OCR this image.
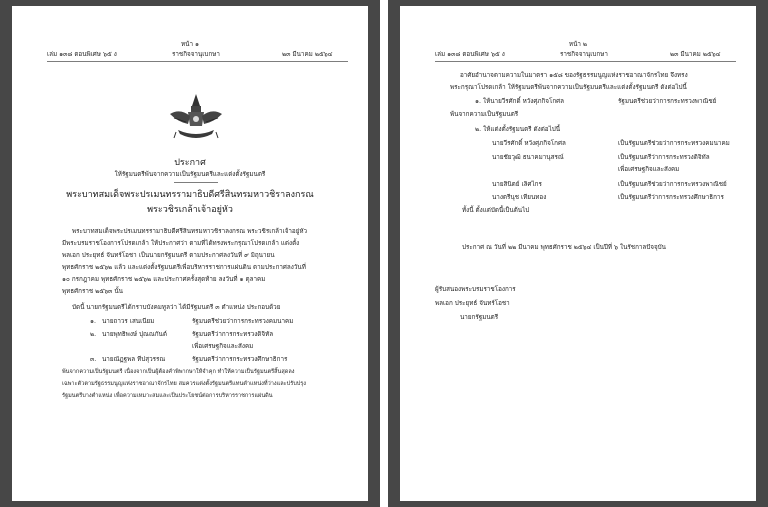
หน้า ๑
เล่ม ๑๓๘ ตอนพิเศษ ๖๕ ง	ราชกิจจานุเบกษา	๒๓ มีนาคม ๒๕๖๔
ประกาศ
ให้รัฐมนตรีพ้นจากความเป็นรัฐมนตรีและแต่งตั้งรัฐมนตรี
พระบาทสมเด็จพระปรเมนทรรามาธิบดีศรีสินทรมหาวชิราลงกรณ
พระวชิรเกล้าเจ้าอยู่หัว
พระบาทสมเด็จพระปรเมนทรรามาธิบดีศรีสินทรมหาวชิราลงกรณ พระวชิรเกล้าเจ้าอยู่หัว
มีพระบรมราชโองการโปรดเกล้า ให้ประกาศว่า ตามที่ได้ทรงพระกรุณาโปรดเกล้า แต่งตั้ง
พลเอก ประยุทธ์ จันทร์โอชา เป็นนายกรัฐมนตรี ตามประกาศลงวันที่ ๙ มิถุนายน
พุทธศักราช ๒๕๖๒ แล้ว และแต่งตั้งรัฐมนตรีเพื่อบริหารราชการแผ่นดิน ตามประกาศลงวันที่
๑๐ กรกฎาคม พุทธศักราช ๒๕๖๒ และประกาศครั้งสุดท้าย ลงวันที่ ๑ ตุลาคม
พุทธศักราช ๒๕๖๓ นั้น
บัดนี้ นายกรัฐมนตรีได้กราบบังคมทูลว่า ได้มีรัฐมนตรี ๓ ตำแหน่ง ประกอบด้วย
๑. นายถาวร เสนเนียม	รัฐมนตรีช่วยว่าการกระทรวงคมนาคม
๒. นายพุทธิพงษ์ ปุณณกันต์	รัฐมนตรีว่าการกระทรวงดิจิทัล
เพื่อเศรษฐกิจและสังคม
๓. นายณัฏฐพล ทีปสุวรรณ	รัฐมนตรีว่าการกระทรวงศึกษาธิการ
พ้นจากความเป็นรัฐมนตรี เนื่องจากเป็นผู้ต้องคำพิพากษาให้จำคุก ทำให้ความเป็นรัฐมนตรีสิ้นสุดลง
เฉพาะตัวตามรัฐธรรมนูญแห่งราชอาณาจักรไทย สมควรแต่งตั้งรัฐมนตรีแทนตำแหน่งที่ว่างและปรับปรุง
รัฐมนตรีบางตำแหน่ง เพื่อความเหมาะสมและเป็นประโยชน์ต่อการบริหารราชการแผ่นดิน
หน้า ๒
เล่ม ๑๓๘ ตอนพิเศษ ๖๕ ง	ราชกิจจานุเบกษา	๒๓ มีนาคม ๒๕๖๔
อาศัยอำนาจตามความในมาตรา ๑๕๘ ของรัฐธรรมนูญแห่งราชอาณาจักรไทย จึงทรง
พระกรุณาโปรดเกล้า ให้รัฐมนตรีพ้นจากความเป็นรัฐมนตรีและแต่งตั้งรัฐมนตรี ดังต่อไปนี้
๑. ให้นายวีรศักดิ์ หวังศุภกิจโกศล	รัฐมนตรีช่วยว่าการกระทรวงพาณิชย์
พ้นจากความเป็นรัฐมนตรี
๒. ให้แต่งตั้งรัฐมนตรี ดังต่อไปนี้
นายวีรศักดิ์ หวังศุภกิจโกศล	เป็นรัฐมนตรีช่วยว่าการกระทรวงคมนาคม
นายชัยวุฒิ ธนาคมานุสรณ์	เป็นรัฐมนตรีว่าการกระทรวงดิจิทัล
เพื่อเศรษฐกิจและสังคม
นายสินิตย์ เลิศไกร	เป็นรัฐมนตรีช่วยว่าการกระทรวงพาณิชย์
นางตรีนุช เทียนทอง	เป็นรัฐมนตรีว่าการกระทรวงศึกษาธิการ
ทั้งนี้ ตั้งแต่บัดนี้เป็นต้นไป
ประกาศ ณ วันที่ ๒๒ มีนาคม พุทธศักราช ๒๕๖๔ เป็นปีที่ ๖ ในรัชกาลปัจจุบัน
ผู้รับสนองพระบรมราชโองการ
พลเอก ประยุทธ์ จันทร์โอชา
นายกรัฐมนตรี
